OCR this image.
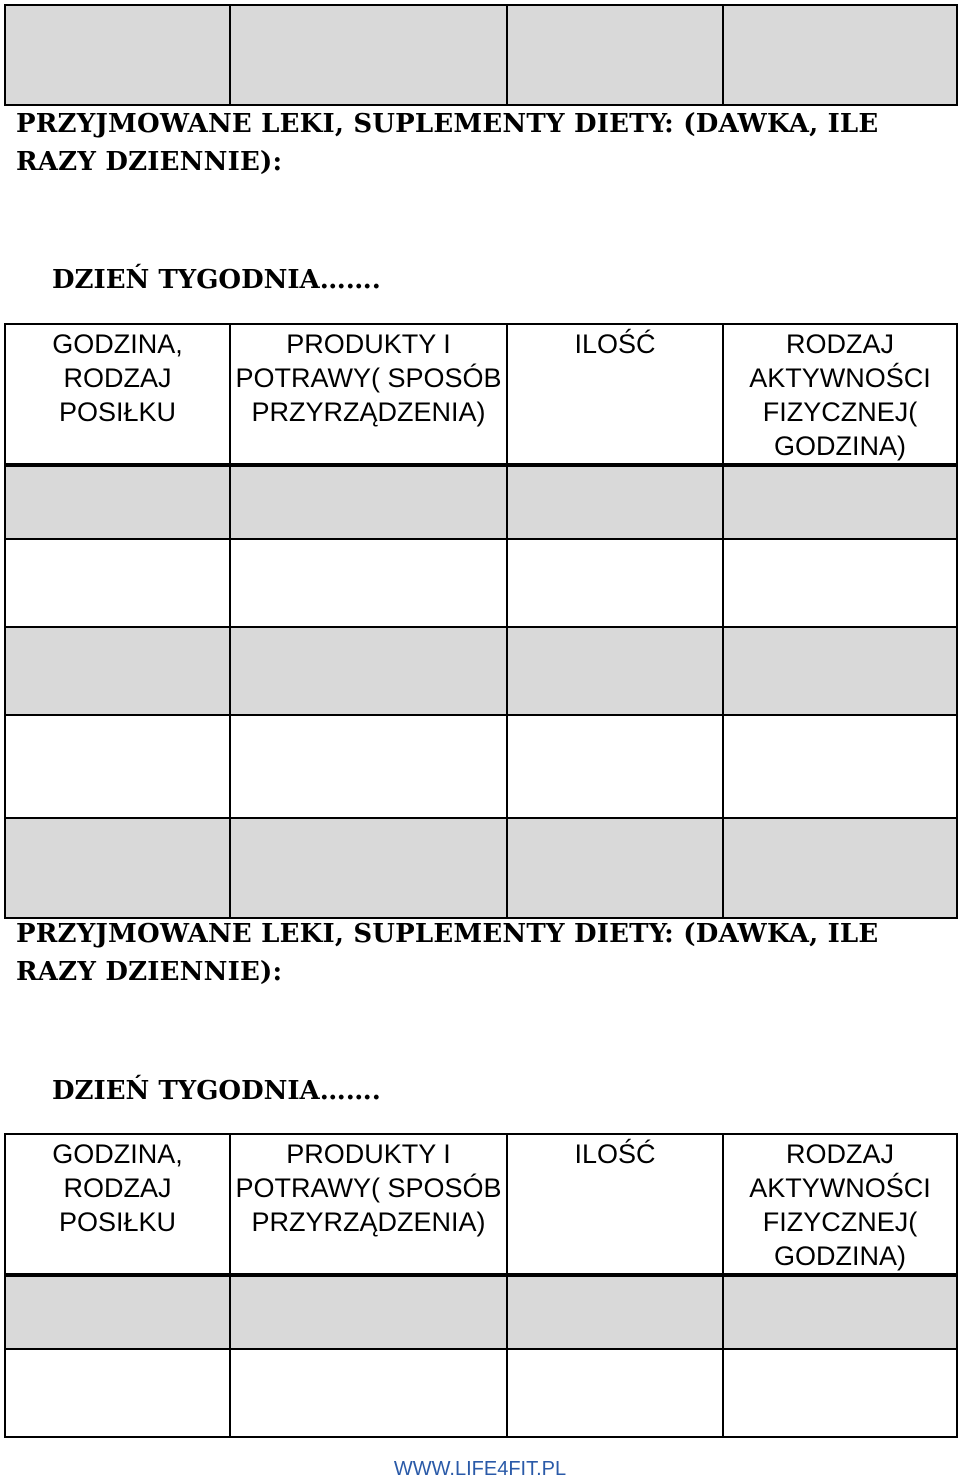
PRZYJMOWANE LEKI, SUPLEMENTY DIETY: (DAWKA, ILE RAZY DZIENNIE):

DZIEŃ TYGODNIA…….

GODZINA, RODZAJ POSIŁKU	PRODUKTY I POTRAWY( SPOSÓB PRZYRZĄDZENIA)	ILOŚĆ	RODZAJ AKTYWNOŚCI FIZYCZNEJ( GODZINA)

PRZYJMOWANE LEKI, SUPLEMENTY DIETY: (DAWKA, ILE RAZY DZIENNIE):

DZIEŃ TYGODNIA…….

GODZINA, RODZAJ POSIŁKU	PRODUKTY I POTRAWY( SPOSÓB PRZYRZĄDZENIA)	ILOŚĆ	RODZAJ AKTYWNOŚCI FIZYCZNEJ( GODZINA)

WWW.LIFE4FIT.PL
